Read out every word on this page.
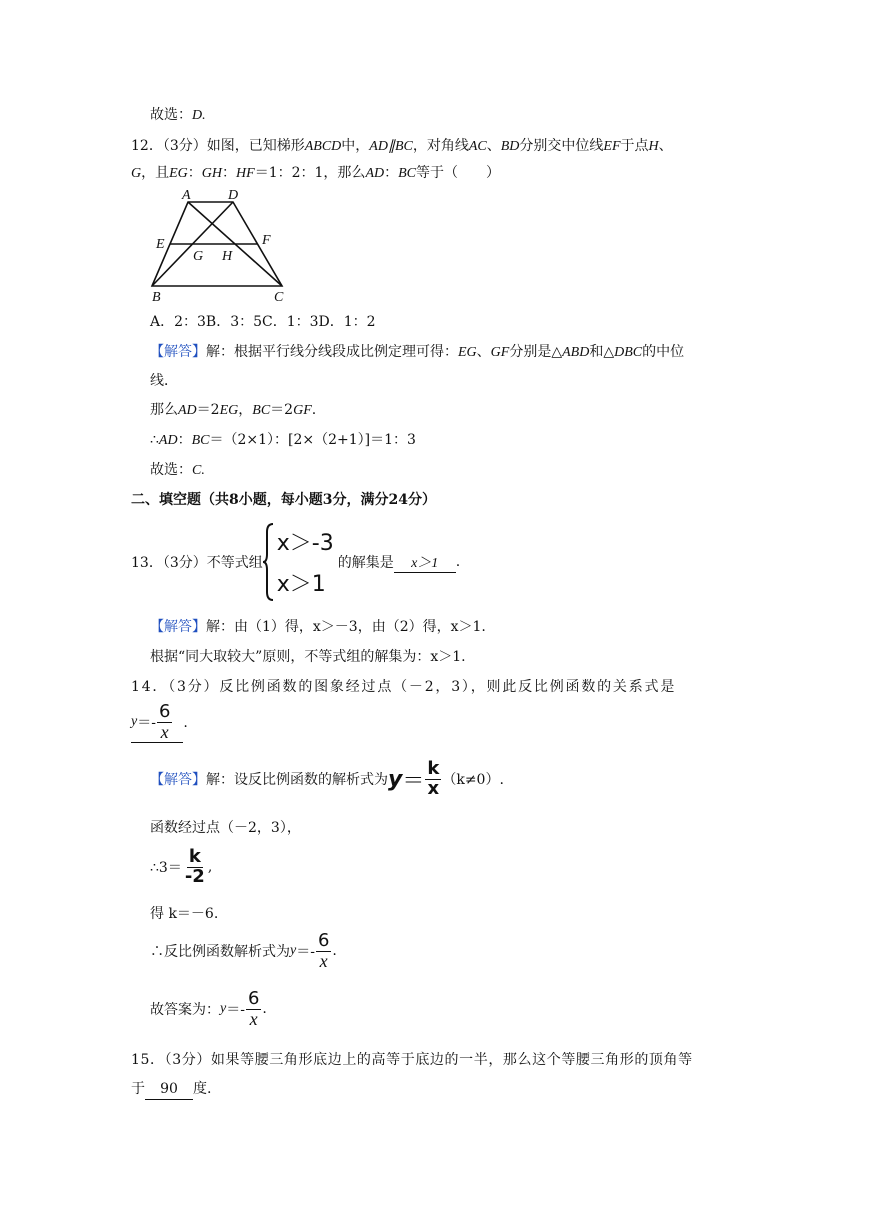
故选：D.
12．（3分）如图，已知梯形ABCD中，AD∥BC，对角线AC、BD分别交中位线EF于点H、
G，且EG：GH：HF＝1：2：1，那么AD：BC等于（　　）
A	D
E	F
G H
B	C
A．2：3B．3：5C．1：3D．1：2
【解答】解：根据平行线分线段成比例定理可得：EG、GF分别是△ABD和△DBC的中位
线．
那么AD＝2EG，BC＝2GF.
∴AD：BC＝（2×1）：[2×（2+1）]＝1：3
故选：C.
二、填空题（共8小题，每小题3分，满分24分）
13．（3分）不等式组
x＞-3
x＞1
的解集是	x＞1	.
【解答】解：由（1）得，x＞－3，由（2）得，x＞1.
根据“同大取较大”原则，不等式组的解集为：x＞1.
14．（3分）反比例函数的图象经过点（－2，3），则此反比例函数的关系式是
$y =- \frac{6}{x}$ .
【解答】 解：设反比例函数的解析式为 $y = \frac{k}{x} (k\ne 0)$.
函数经过点（－2，3），
∴3＝ $\frac{k}{-2}$ ,
得 k＝－6.
∴反比例函数解析式为 $y =- \frac{6}{x}$ .
故答案为： $y =- \frac{6}{x}$ .
15．（3分）如果等腰三角形底边上的高等于底边的一半，那么这个等腰三角形的顶角等
于 90 度.
